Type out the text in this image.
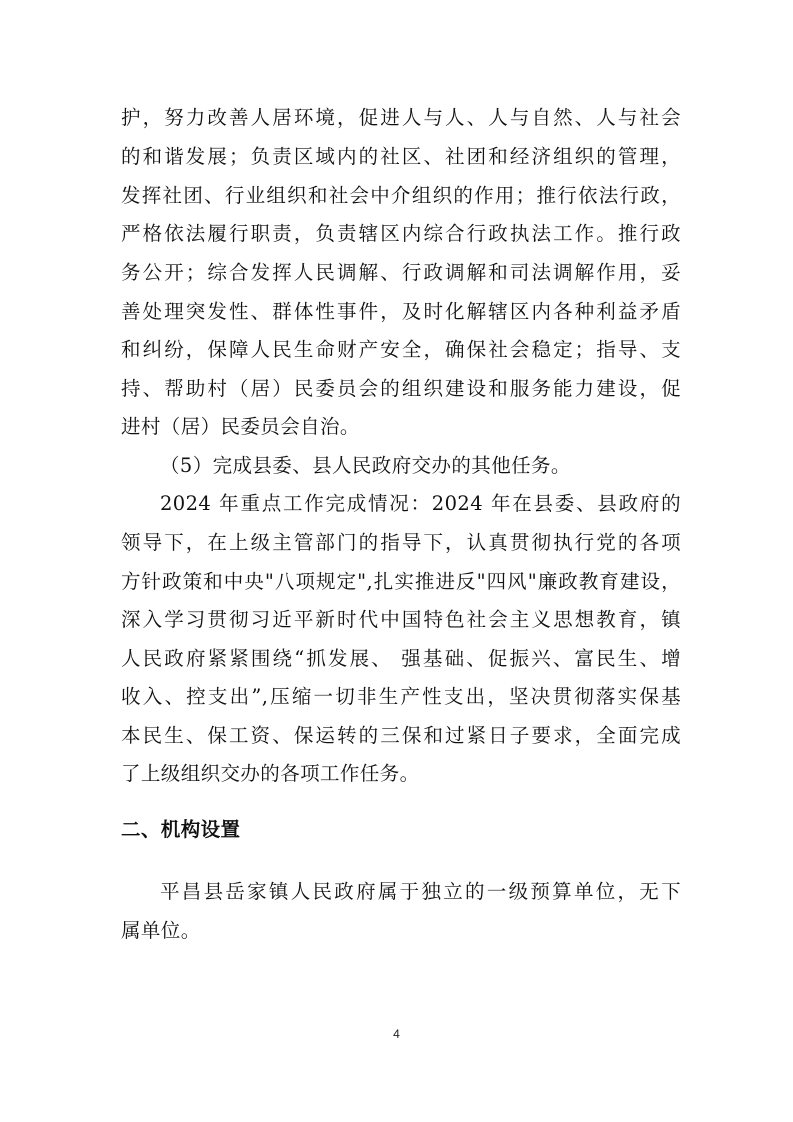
护，努力改善人居环境，促进人与人、人与自然、人与社会
的和谐发展；负责区域内的社区、社团和经济组织的管理，
发挥社团、行业组织和社会中介组织的作用；推行依法行政，
严格依法履行职责，负责辖区内综合行政执法工作。推行政
务公开；综合发挥人民调解、行政调解和司法调解作用，妥
善处理突发性、群体性事件，及时化解辖区内各种利益矛盾
和纠纷，保障人民生命财产安全，确保社会稳定；指导、支
持、帮助村（居）民委员会的组织建设和服务能力建设，促
进村（居）民委员会自治。
（5）完成县委、县人民政府交办的其他任务。
2024 年重点工作完成情况：2024 年在县委、县政府的
领导下，在上级主管部门的指导下，认真贯彻执行党的各项
方针政策和中央"八项规定",扎实推进反"四风"廉政教育建设，
深入学习贯彻习近平新时代中国特色社会主义思想教育，镇
人民政府紧紧围绕“抓发展、 强基础、促振兴、富民生、增
收入、控支出”,压缩一切非生产性支出，坚决贯彻落实保基
本民生、保工资、保运转的三保和过紧日子要求，全面完成
了上级组织交办的各项工作任务。
二、机构设置
平昌县岳家镇人民政府属于独立的一级预算单位，无下
属单位。
4
